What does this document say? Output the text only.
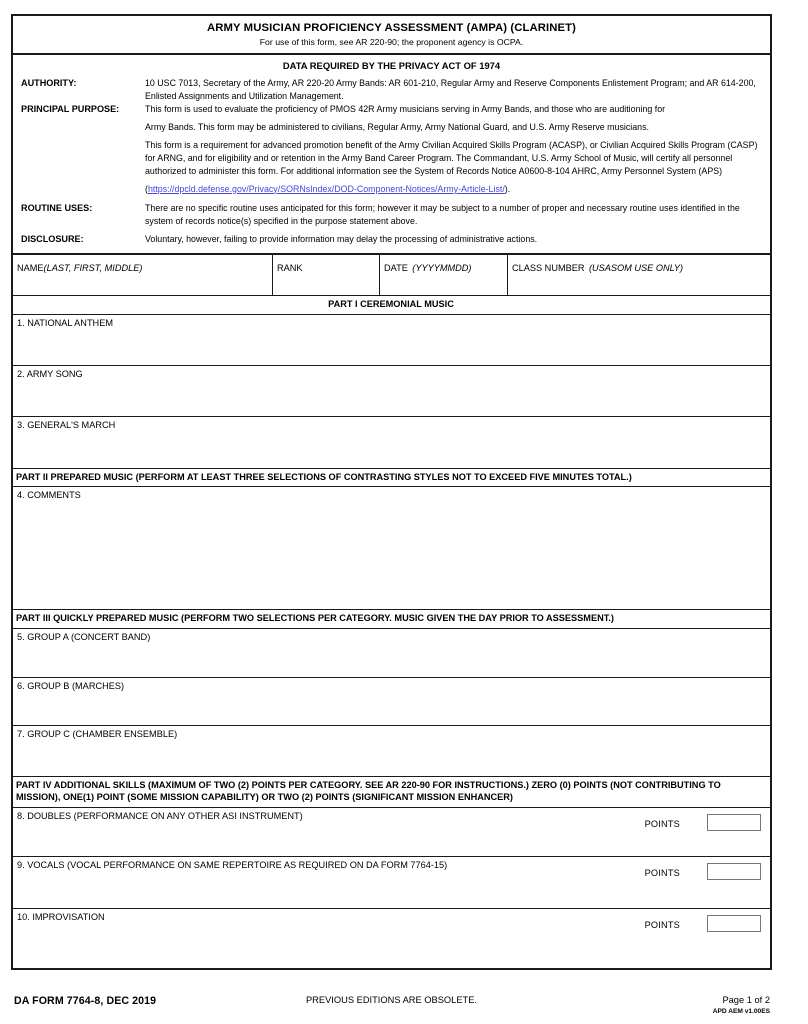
ARMY MUSICIAN PROFICIENCY ASSESSMENT (AMPA) (CLARINET)
For use of this form, see AR 220-90; the proponent agency is OCPA.
DATA REQUIRED BY THE PRIVACY ACT OF 1974
AUTHORITY:	10 USC 7013, Secretary of the Army, AR 220-20 Army Bands: AR 601-210, Regular Army and Reserve Components Enlistement Program; and AR 614-200, Enlisted Assignments and Utilization Management.

PRINCIPAL PURPOSE:	This form is used to evaluate the proficiency of PMOS 42R Army musicians serving in Army Bands, and those who are auditioning for

Army Bands. This form may be administered to civilians, Regular Army, Army National Guard, and U.S. Army Reserve musicians.

This form is a requirement for advanced promotion benefit of the Army Civilian Acquired Skills Program (ACASP), or Civilian Acquired Skills Program (CASP) for ARNG, and for eligibility and or retention in the Army Band Career Program. The Commandant, U.S. Army School of Music, will certify all personnel authorized to administer this form. For additional information see the System of Records Notice A0600-8-104 AHRC, Army Personnel System (APS)

(https://dpcld.defense.gov/Privacy/SORNsIndex/DOD-Component-Notices/Army-Article-List/).

ROUTINE USES:	There are no specific routine uses anticipated for this form; however it may be subject to a number of proper and necessary routine uses identified in the system of records notice(s) specified in the purpose statement above.

DISCLOSURE:	Voluntary, however, failing to provide information may delay the processing of administrative actions.

NAME(LAST, FIRST, MIDDLE)	RANK	DATE (YYYYMMDD)	CLASS NUMBER (USASOM USE ONLY)
PART I CEREMONIAL MUSIC
1. NATIONAL ANTHEM
2. ARMY SONG
3. GENERAL'S MARCH
PART II PREPARED MUSIC (PERFORM AT LEAST THREE SELECTIONS OF CONTRASTING STYLES NOT TO EXCEED FIVE MINUTES TOTAL.)
4. COMMENTS
PART III QUICKLY PREPARED MUSIC (PERFORM TWO SELECTIONS PER CATEGORY. MUSIC GIVEN THE DAY PRIOR TO ASSESSMENT.)
5. GROUP A (CONCERT BAND)
6. GROUP B (MARCHES)
7. GROUP C (CHAMBER ENSEMBLE)
PART IV ADDITIONAL SKILLS (MAXIMUM OF TWO (2) POINTS PER CATEGORY. SEE AR 220-90 FOR INSTRUCTIONS.) ZERO (0) POINTS (NOT CONTRIBUTING TO MISSION), ONE(1) POINT (SOME MISSION CAPABILITY) OR TWO (2) POINTS (SIGNIFICANT MISSION ENHANCER)
8. DOUBLES (PERFORMANCE ON ANY OTHER ASI INSTRUMENT)
POINTS
9. VOCALS (VOCAL PERFORMANCE ON SAME REPERTOIRE AS REQUIRED ON DA FORM 7764-15)
POINTS
10. IMPROVISATION
POINTS
DA FORM 7764-8, DEC 2019	PREVIOUS EDITIONS ARE OBSOLETE.	Page 1 of 2
APD AEM v1.00ES
